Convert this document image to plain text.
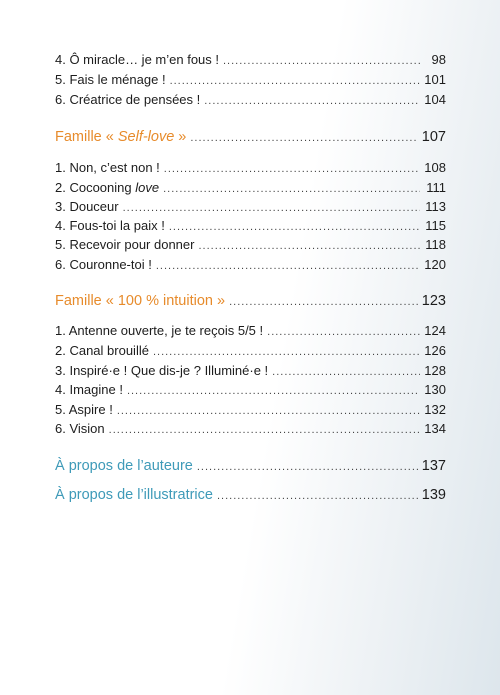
4. Ô miracle… je m’en fous ! .....	98
5. Fais le ménage ! .....	101
6. Créatrice de pensées ! .....	104
Famille « Self-love » .....	107
1. Non, c’est non ! .....	108
2. Cocooning love .....	111
3. Douceur .....	113
4. Fous-toi la paix ! .....	115
5. Recevoir pour donner .....	118
6. Couronne-toi ! .....	120
Famille « 100 % intuition » .....	123
1. Antenne ouverte, je te reçois 5/5 ! .....	124
2. Canal brouillé .....	126
3. Inspiré·e ! Que dis-je ? Illuminé·e ! .....	128
4. Imagine ! .....	130
5. Aspire ! .....	132
6. Vision .....	134
À propos de l’auteure .....	137
À propos de l’illustratrice .....	139
